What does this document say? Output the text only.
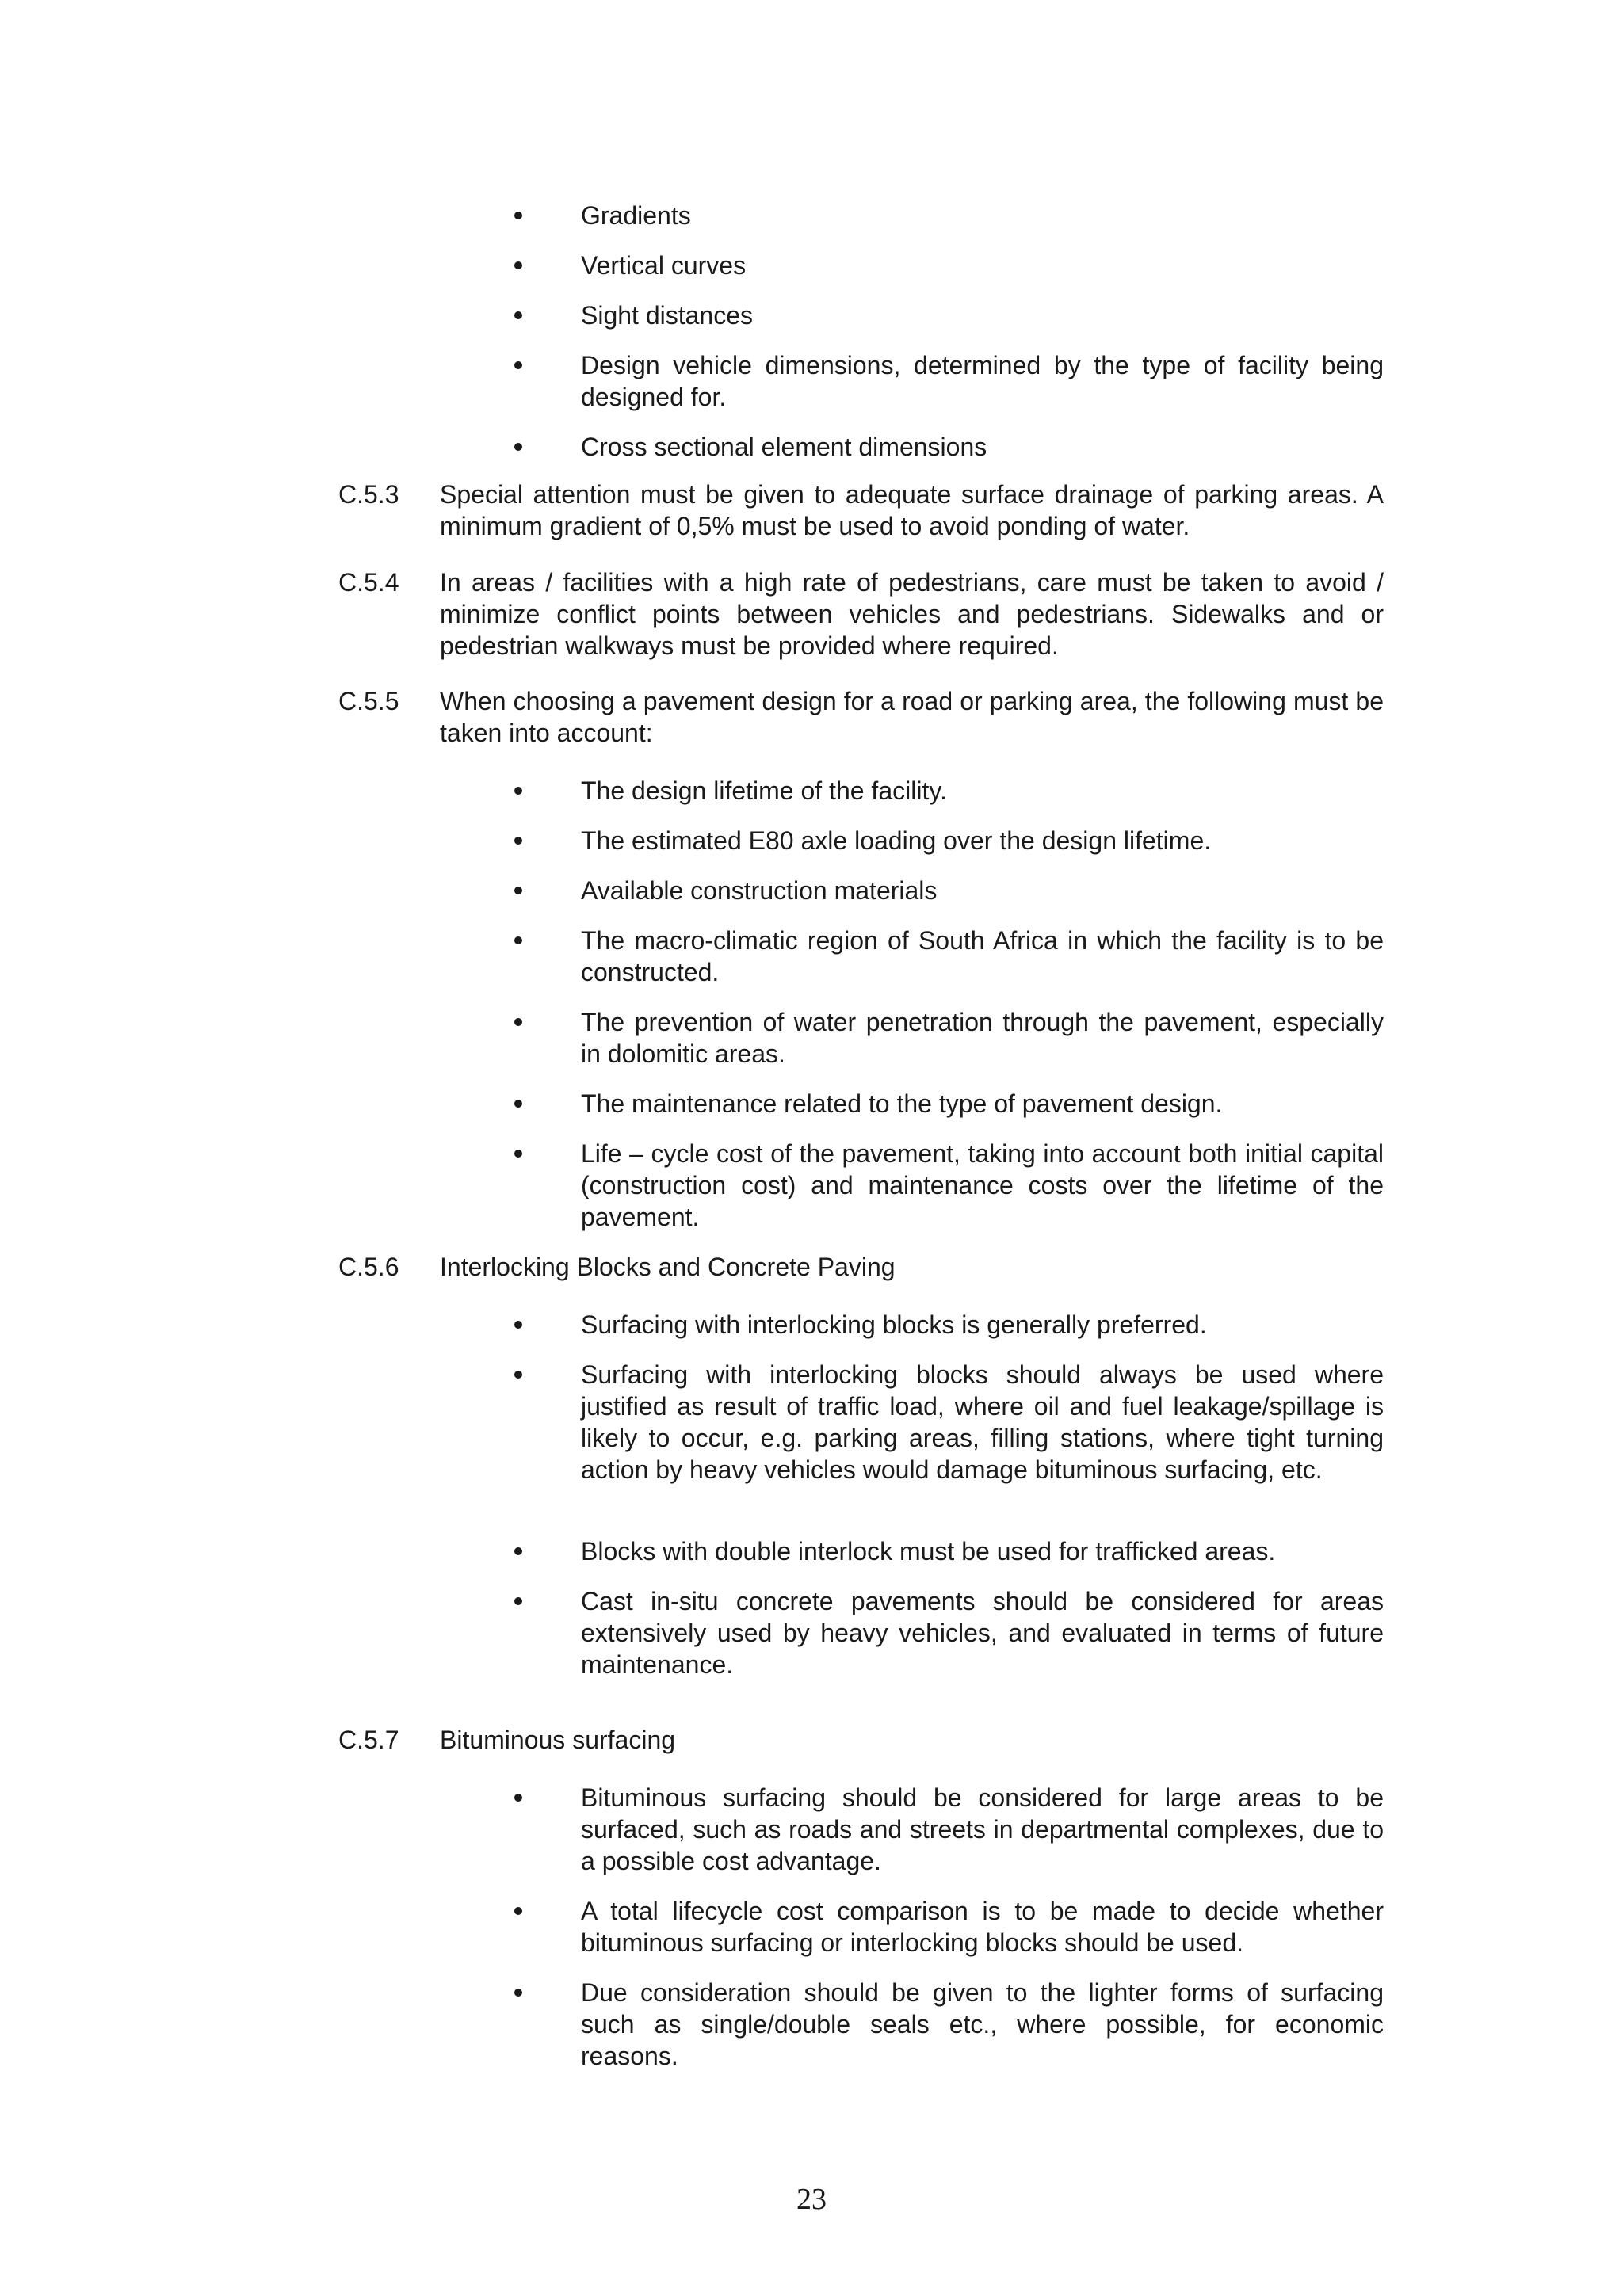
Gradients
Vertical curves
Sight distances
Design vehicle dimensions, determined by the type of facility being designed for.
Cross sectional element dimensions
C.5.3	Special attention must be given to adequate surface drainage of parking areas. A minimum gradient of 0,5% must be used to avoid ponding of water.
C.5.4	In areas / facilities with a high rate of pedestrians, care must be taken to avoid / minimize conflict points between vehicles and pedestrians. Sidewalks and or pedestrian walkways must be provided where required.
C.5.5	When choosing a pavement design for a road or parking area, the following must be taken into account:
The design lifetime of the facility.
The estimated E80 axle loading over the design lifetime.
Available construction materials
The macro-climatic region of South Africa in which the facility is to be constructed.
The prevention of water penetration through the pavement, especially in dolomitic areas.
The maintenance related to the type of pavement design.
Life – cycle cost of the pavement, taking into account both initial capital (construction cost) and maintenance costs over the lifetime of the pavement.
C.5.6	Interlocking Blocks and Concrete Paving
Surfacing with interlocking blocks is generally preferred.
Surfacing with interlocking blocks should always be used where justified as result of traffic load, where oil and fuel leakage/spillage is likely to occur, e.g. parking areas, filling stations, where tight turning action by heavy vehicles would damage bituminous surfacing, etc.
Blocks with double interlock must be used for trafficked areas.
Cast in-situ concrete pavements should be considered for areas extensively used by heavy vehicles, and evaluated in terms of future maintenance.
C.5.7	Bituminous surfacing
Bituminous surfacing should be considered for large areas to be surfaced, such as roads and streets in departmental complexes, due to a possible cost advantage.
A total lifecycle cost comparison is to be made to decide whether bituminous surfacing or interlocking blocks should be used.
Due consideration should be given to the lighter forms of surfacing such as single/double seals etc., where possible, for economic reasons.
23
